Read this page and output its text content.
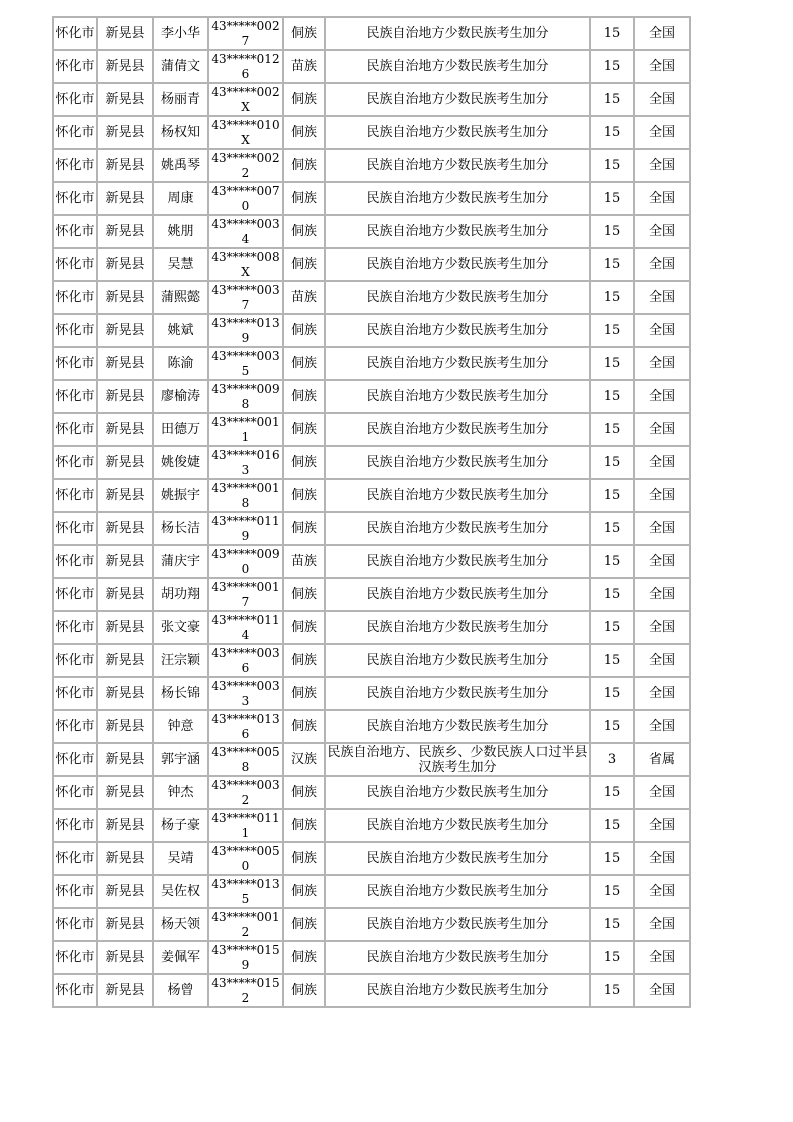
怀化市	新晃县	李小华	43*****0027	侗族	民族自治地方少数民族考生加分	15	全国
怀化市	新晃县	蒲倩文	43*****0126	苗族	民族自治地方少数民族考生加分	15	全国
怀化市	新晃县	杨丽青	43*****002X	侗族	民族自治地方少数民族考生加分	15	全国
怀化市	新晃县	杨权知	43*****010X	侗族	民族自治地方少数民族考生加分	15	全国
怀化市	新晃县	姚禹琴	43*****0022	侗族	民族自治地方少数民族考生加分	15	全国
怀化市	新晃县	周康	43*****0070	侗族	民族自治地方少数民族考生加分	15	全国
怀化市	新晃县	姚朋	43*****0034	侗族	民族自治地方少数民族考生加分	15	全国
怀化市	新晃县	吴慧	43*****008X	侗族	民族自治地方少数民族考生加分	15	全国
怀化市	新晃县	蒲熙懿	43*****0037	苗族	民族自治地方少数民族考生加分	15	全国
怀化市	新晃县	姚斌	43*****0139	侗族	民族自治地方少数民族考生加分	15	全国
怀化市	新晃县	陈渝	43*****0035	侗族	民族自治地方少数民族考生加分	15	全国
怀化市	新晃县	廖榆涛	43*****0098	侗族	民族自治地方少数民族考生加分	15	全国
怀化市	新晃县	田德万	43*****0011	侗族	民族自治地方少数民族考生加分	15	全国
怀化市	新晃县	姚俊婕	43*****0163	侗族	民族自治地方少数民族考生加分	15	全国
怀化市	新晃县	姚振宇	43*****0018	侗族	民族自治地方少数民族考生加分	15	全国
怀化市	新晃县	杨长洁	43*****0119	侗族	民族自治地方少数民族考生加分	15	全国
怀化市	新晃县	蒲庆宇	43*****0090	苗族	民族自治地方少数民族考生加分	15	全国
怀化市	新晃县	胡功翔	43*****0017	侗族	民族自治地方少数民族考生加分	15	全国
怀化市	新晃县	张文豪	43*****0114	侗族	民族自治地方少数民族考生加分	15	全国
怀化市	新晃县	汪宗颖	43*****0036	侗族	民族自治地方少数民族考生加分	15	全国
怀化市	新晃县	杨长锦	43*****0033	侗族	民族自治地方少数民族考生加分	15	全国
怀化市	新晃县	钟意	43*****0136	侗族	民族自治地方少数民族考生加分	15	全国
怀化市	新晃县	郭宇涵	43*****0058	汉族	民族自治地方、民族乡、少数民族人口过半县汉族考生加分	3	省属
怀化市	新晃县	钟杰	43*****0032	侗族	民族自治地方少数民族考生加分	15	全国
怀化市	新晃县	杨子豪	43*****0111	侗族	民族自治地方少数民族考生加分	15	全国
怀化市	新晃县	吴靖	43*****0050	侗族	民族自治地方少数民族考生加分	15	全国
怀化市	新晃县	吴佐权	43*****0135	侗族	民族自治地方少数民族考生加分	15	全国
怀化市	新晃县	杨天领	43*****0012	侗族	民族自治地方少数民族考生加分	15	全国
怀化市	新晃县	姜佩军	43*****0159	侗族	民族自治地方少数民族考生加分	15	全国
怀化市	新晃县	杨曾	43*****0152	侗族	民族自治地方少数民族考生加分	15	全国
